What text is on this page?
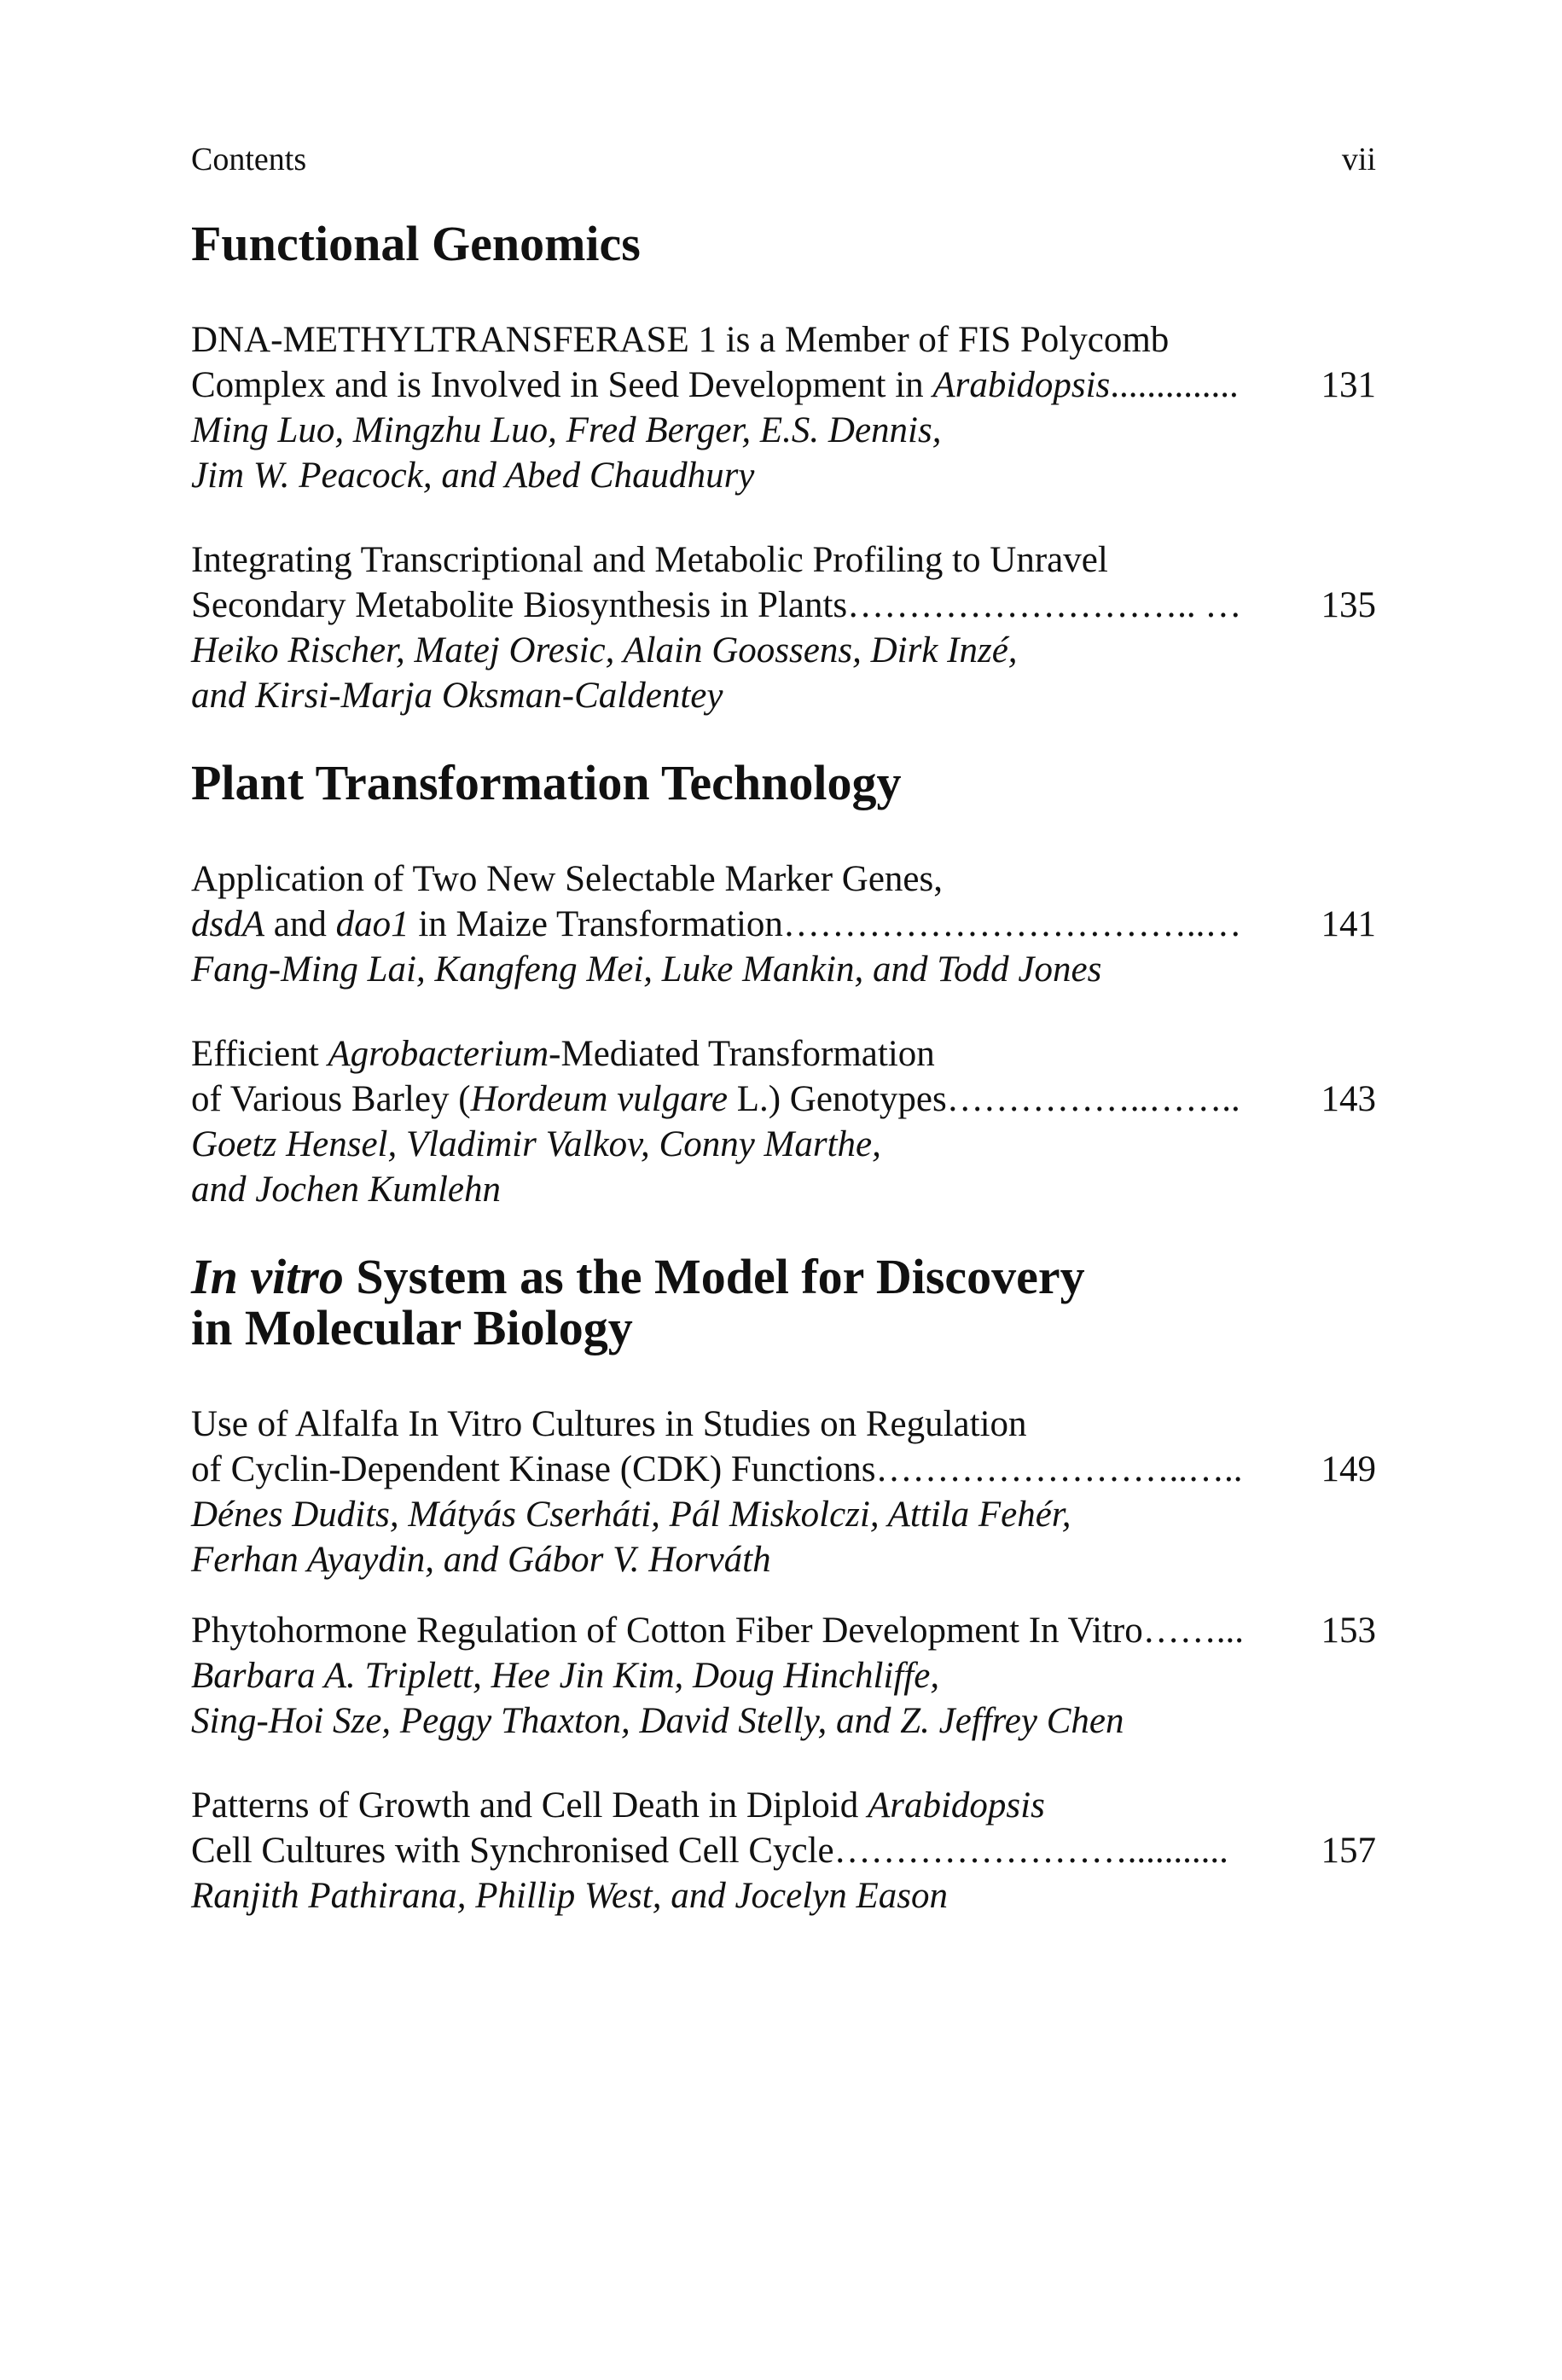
Contents	vii
Functional Genomics
DNA-METHYLTRANSFERASE 1 is a Member of FIS Polycomb
Complex and is Involved in Seed Development in Arabidopsis ..............	131
Ming Luo, Mingzhu Luo, Fred Berger, E.S. Dennis,
Jim W. Peacock, and Abed Chaudhury
Integrating Transcriptional and Metabolic Profiling to Unravel
Secondary Metabolite Biosynthesis in Plants ……………………….. …	135
Heiko Rischer, Matej Oresic, Alain Goossens, Dirk Inzé,
and Kirsi-Marja Oksman-Caldentey
Plant Transformation Technology
Application of Two New Selectable Marker Genes,
dsdA and dao1 in Maize Transformation ……………………………..…	141
Fang-Ming Lai, Kangfeng Mei, Luke Mankin, and Todd Jones
Efficient Agrobacterium-Mediated Transformation
of Various Barley (Hordeum vulgare L.) Genotypes ……………..……..	143
Goetz Hensel, Vladimir Valkov, Conny Marthe,
and Jochen Kumlehn
In vitro System as the Model for Discovery
in Molecular Biology
Use of Alfalfa In Vitro Cultures in Studies on Regulation
of Cyclin-Dependent Kinase (CDK) Functions ……………………..…..	149
Dénes Dudits, Mátyás Cserháti, Pál Miskolczi, Attila Fehér,
Ferhan Ayaydin, and Gábor V. Horváth
Phytohormone Regulation of Cotton Fiber Development In Vitro ……...	153
Barbara A. Triplett, Hee Jin Kim, Doug Hinchliffe,
Sing-Hoi Sze, Peggy Thaxton, David Stelly, and Z. Jeffrey Chen
Patterns of Growth and Cell Death in Diploid Arabidopsis
Cell Cultures with Synchronised Cell Cycle ……………………...........	157
Ranjith Pathirana, Phillip West, and Jocelyn Eason
